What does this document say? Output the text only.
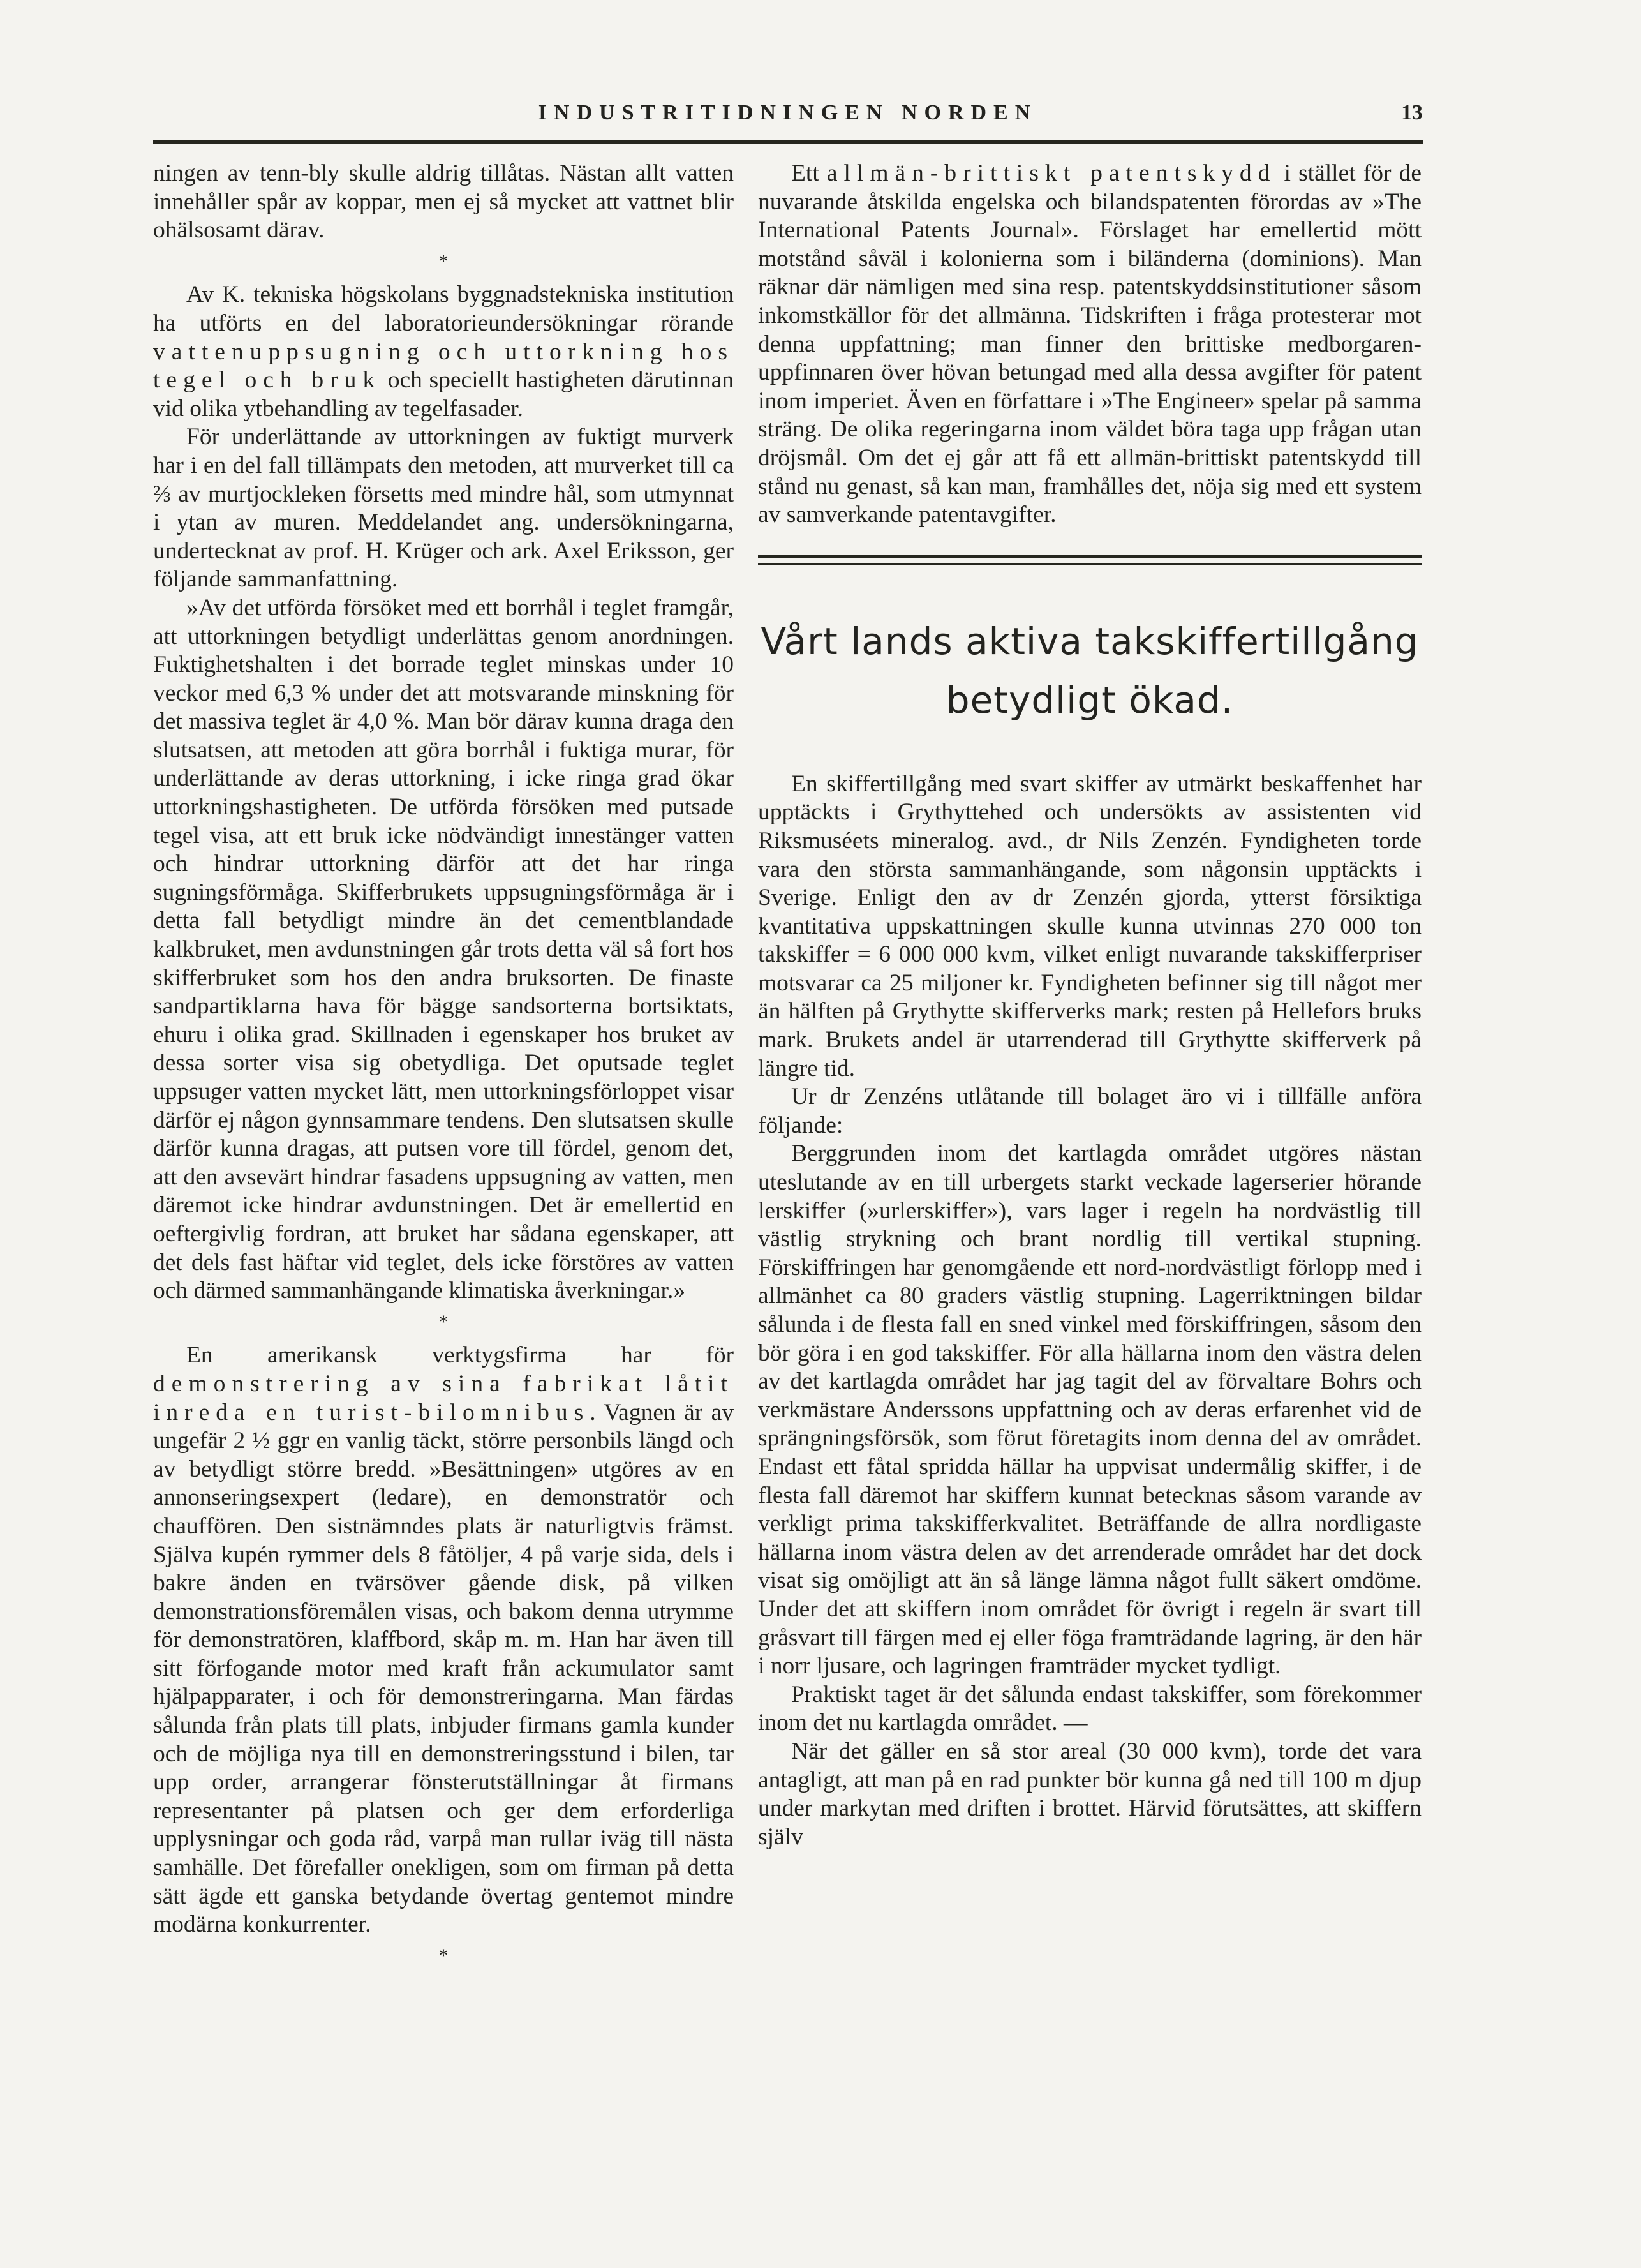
INDUSTRITIDNINGEN NORDEN	13

ningen av tenn-bly skulle aldrig tillåtas. Nästan allt vatten innehåller spår av koppar, men ej så mycket att vattnet blir ohälsosamt därav.

*

Av K. tekniska högskolans byggnadstekniska institution ha utförts en del laboratorieundersökningar rörande vattenuppsugning och uttorkning hos tegel och bruk och speciellt hastigheten därutinnan vid olika ytbehandling av tegelfasader.

För underlättande av uttorkningen av fuktigt murverk har i en del fall tillämpats den metoden, att murverket till ca ⅔ av murtjockleken försetts med mindre hål, som utmynnat i ytan av muren. Meddelandet ang. undersökningarna, undertecknat av prof. H. Krüger och ark. Axel Eriksson, ger följande sammanfattning.

»Av det utförda försöket med ett borrhål i teglet framgår, att uttorkningen betydligt underlättas genom anordningen. Fuktighetshalten i det borrade teglet minskas under 10 veckor med 6,3 % under det att motsvarande minskning för det massiva teglet är 4,0 %. Man bör därav kunna draga den slutsatsen, att metoden att göra borrhål i fuktiga murar, för underlättande av deras uttorkning, i icke ringa grad ökar uttorkningshastigheten. De utförda försöken med putsade tegel visa, att ett bruk icke nödvändigt innestänger vatten och hindrar uttorkning därför att det har ringa sugningsförmåga. Skifferbrukets uppsugningsförmåga är i detta fall betydligt mindre än det cementblandade kalkbruket, men avdunstningen går trots detta väl så fort hos skifferbruket som hos den andra bruksorten. De finaste sandpartiklarna hava för bägge sandsorterna bortsiktats, ehuru i olika grad. Skillnaden i egenskaper hos bruket av dessa sorter visa sig obetydliga. Det oputsade teglet uppsuger vatten mycket lätt, men uttorkningsförloppet visar därför ej någon gynnsammare tendens. Den slutsatsen skulle därför kunna dragas, att putsen vore till fördel, genom det, att den avsevärt hindrar fasadens uppsugning av vatten, men däremot icke hindrar avdunstningen. Det är emellertid en oeftergivlig fordran, att bruket har sådana egenskaper, att det dels fast häftar vid teglet, dels icke förstöres av vatten och därmed sammanhängande klimatiska åverkningar.»

*

En amerikansk verktygsfirma har för demonstrering av sina fabrikat låtit inreda en turist-bilomnibus. Vagnen är av ungefär 2 ½ ggr en vanlig täckt, större personbils längd och av betydligt större bredd. »Besättningen» utgöres av en annonseringsexpert (ledare), en demonstratör och chauffören. Den sistnämndes plats är naturligtvis främst. Själva kupén rymmer dels 8 fåtöljer, 4 på varje sida, dels i bakre änden en tvärsöver gående disk, på vilken demonstrationsföremålen visas, och bakom denna utrymme för demonstratören, klaffbord, skåp m. m. Han har även till sitt förfogande motor med kraft från ackumulator samt hjälpapparater, i och för demonstreringarna. Man färdas sålunda från plats till plats, inbjuder firmans gamla kunder och de möjliga nya till en demonstreringsstund i bilen, tar upp order, arrangerar fönsterutställningar åt firmans representanter på platsen och ger dem erforderliga upplysningar och goda råd, varpå man rullar iväg till nästa samhälle. Det förefaller onekligen, som om firman på detta sätt ägde ett ganska betydande övertag gentemot mindre modärna konkurrenter.

*

Ett allmän-brittiskt patentskydd i stället för de nuvarande åtskilda engelska och bilandspatenten förordas av »The International Patents Journal». Förslaget har emellertid mött motstånd såväl i kolonierna som i biländerna (dominions). Man räknar där nämligen med sina resp. patentskyddsinstitutioner såsom inkomstkällor för det allmänna. Tidskriften i fråga protesterar mot denna uppfattning; man finner den brittiske medborgaren-uppfinnaren över hövan betungad med alla dessa avgifter för patent inom imperiet. Även en författare i »The Engineer» spelar på samma sträng. De olika regeringarna inom väldet böra taga upp frågan utan dröjsmål. Om det ej går att få ett allmän-brittiskt patentskydd till stånd nu genast, så kan man, framhålles det, nöja sig med ett system av samverkande patentavgifter.

Vårt lands aktiva takskiffertillgång
betydligt ökad.

En skiffertillgång med svart skiffer av utmärkt beskaffenhet har upptäckts i Grythyttehed och undersökts av assistenten vid Riksmuséets mineralog. avd., dr Nils Zenzén. Fyndigheten torde vara den största sammanhängande, som någonsin upptäckts i Sverige. Enligt den av dr Zenzén gjorda, ytterst försiktiga kvantitativa uppskattningen skulle kunna utvinnas 270 000 ton takskiffer = 6 000 000 kvm, vilket enligt nuvarande takskifferpriser motsvarar ca 25 miljoner kr. Fyndigheten befinner sig till något mer än hälften på Grythytte skifferverks mark; resten på Hellefors bruks mark. Brukets andel är utarrenderad till Grythytte skifferverk på längre tid.

Ur dr Zenzéns utlåtande till bolaget äro vi i tillfälle anföra följande:

Berggrunden inom det kartlagda området utgöres nästan uteslutande av en till urbergets starkt veckade lagerserier hörande lerskiffer (»urlerskiffer»), vars lager i regeln ha nordvästlig till västlig strykning och brant nordlig till vertikal stupning. Förskiffringen har genomgående ett nord-nordvästligt förlopp med i allmänhet ca 80 graders västlig stupning. Lagerriktningen bildar sålunda i de flesta fall en sned vinkel med förskiffringen, såsom den bör göra i en god takskiffer. För alla hällarna inom den västra delen av det kartlagda området har jag tagit del av förvaltare Bohrs och verkmästare Anderssons uppfattning och av deras erfarenhet vid de sprängningsförsök, som förut företagits inom denna del av området. Endast ett fåtal spridda hällar ha uppvisat undermålig skiffer, i de flesta fall däremot har skiffern kunnat betecknas såsom varande av verkligt prima takskifferkvalitet. Beträffande de allra nordligaste hällarna inom västra delen av det arrenderade området har det dock visat sig omöjligt att än så länge lämna något fullt säkert omdöme. Under det att skiffern inom området för övrigt i regeln är svart till gråsvart till färgen med ej eller föga framträdande lagring, är den här i norr ljusare, och lagringen framträder mycket tydligt.

Praktiskt taget är det sålunda endast takskiffer, som förekommer inom det nu kartlagda området. —

När det gäller en så stor areal (30 000 kvm), torde det vara antagligt, att man på en rad punkter bör kunna gå ned till 100 m djup under markytan med driften i brottet. Härvid förutsättes, att skiffern själv
